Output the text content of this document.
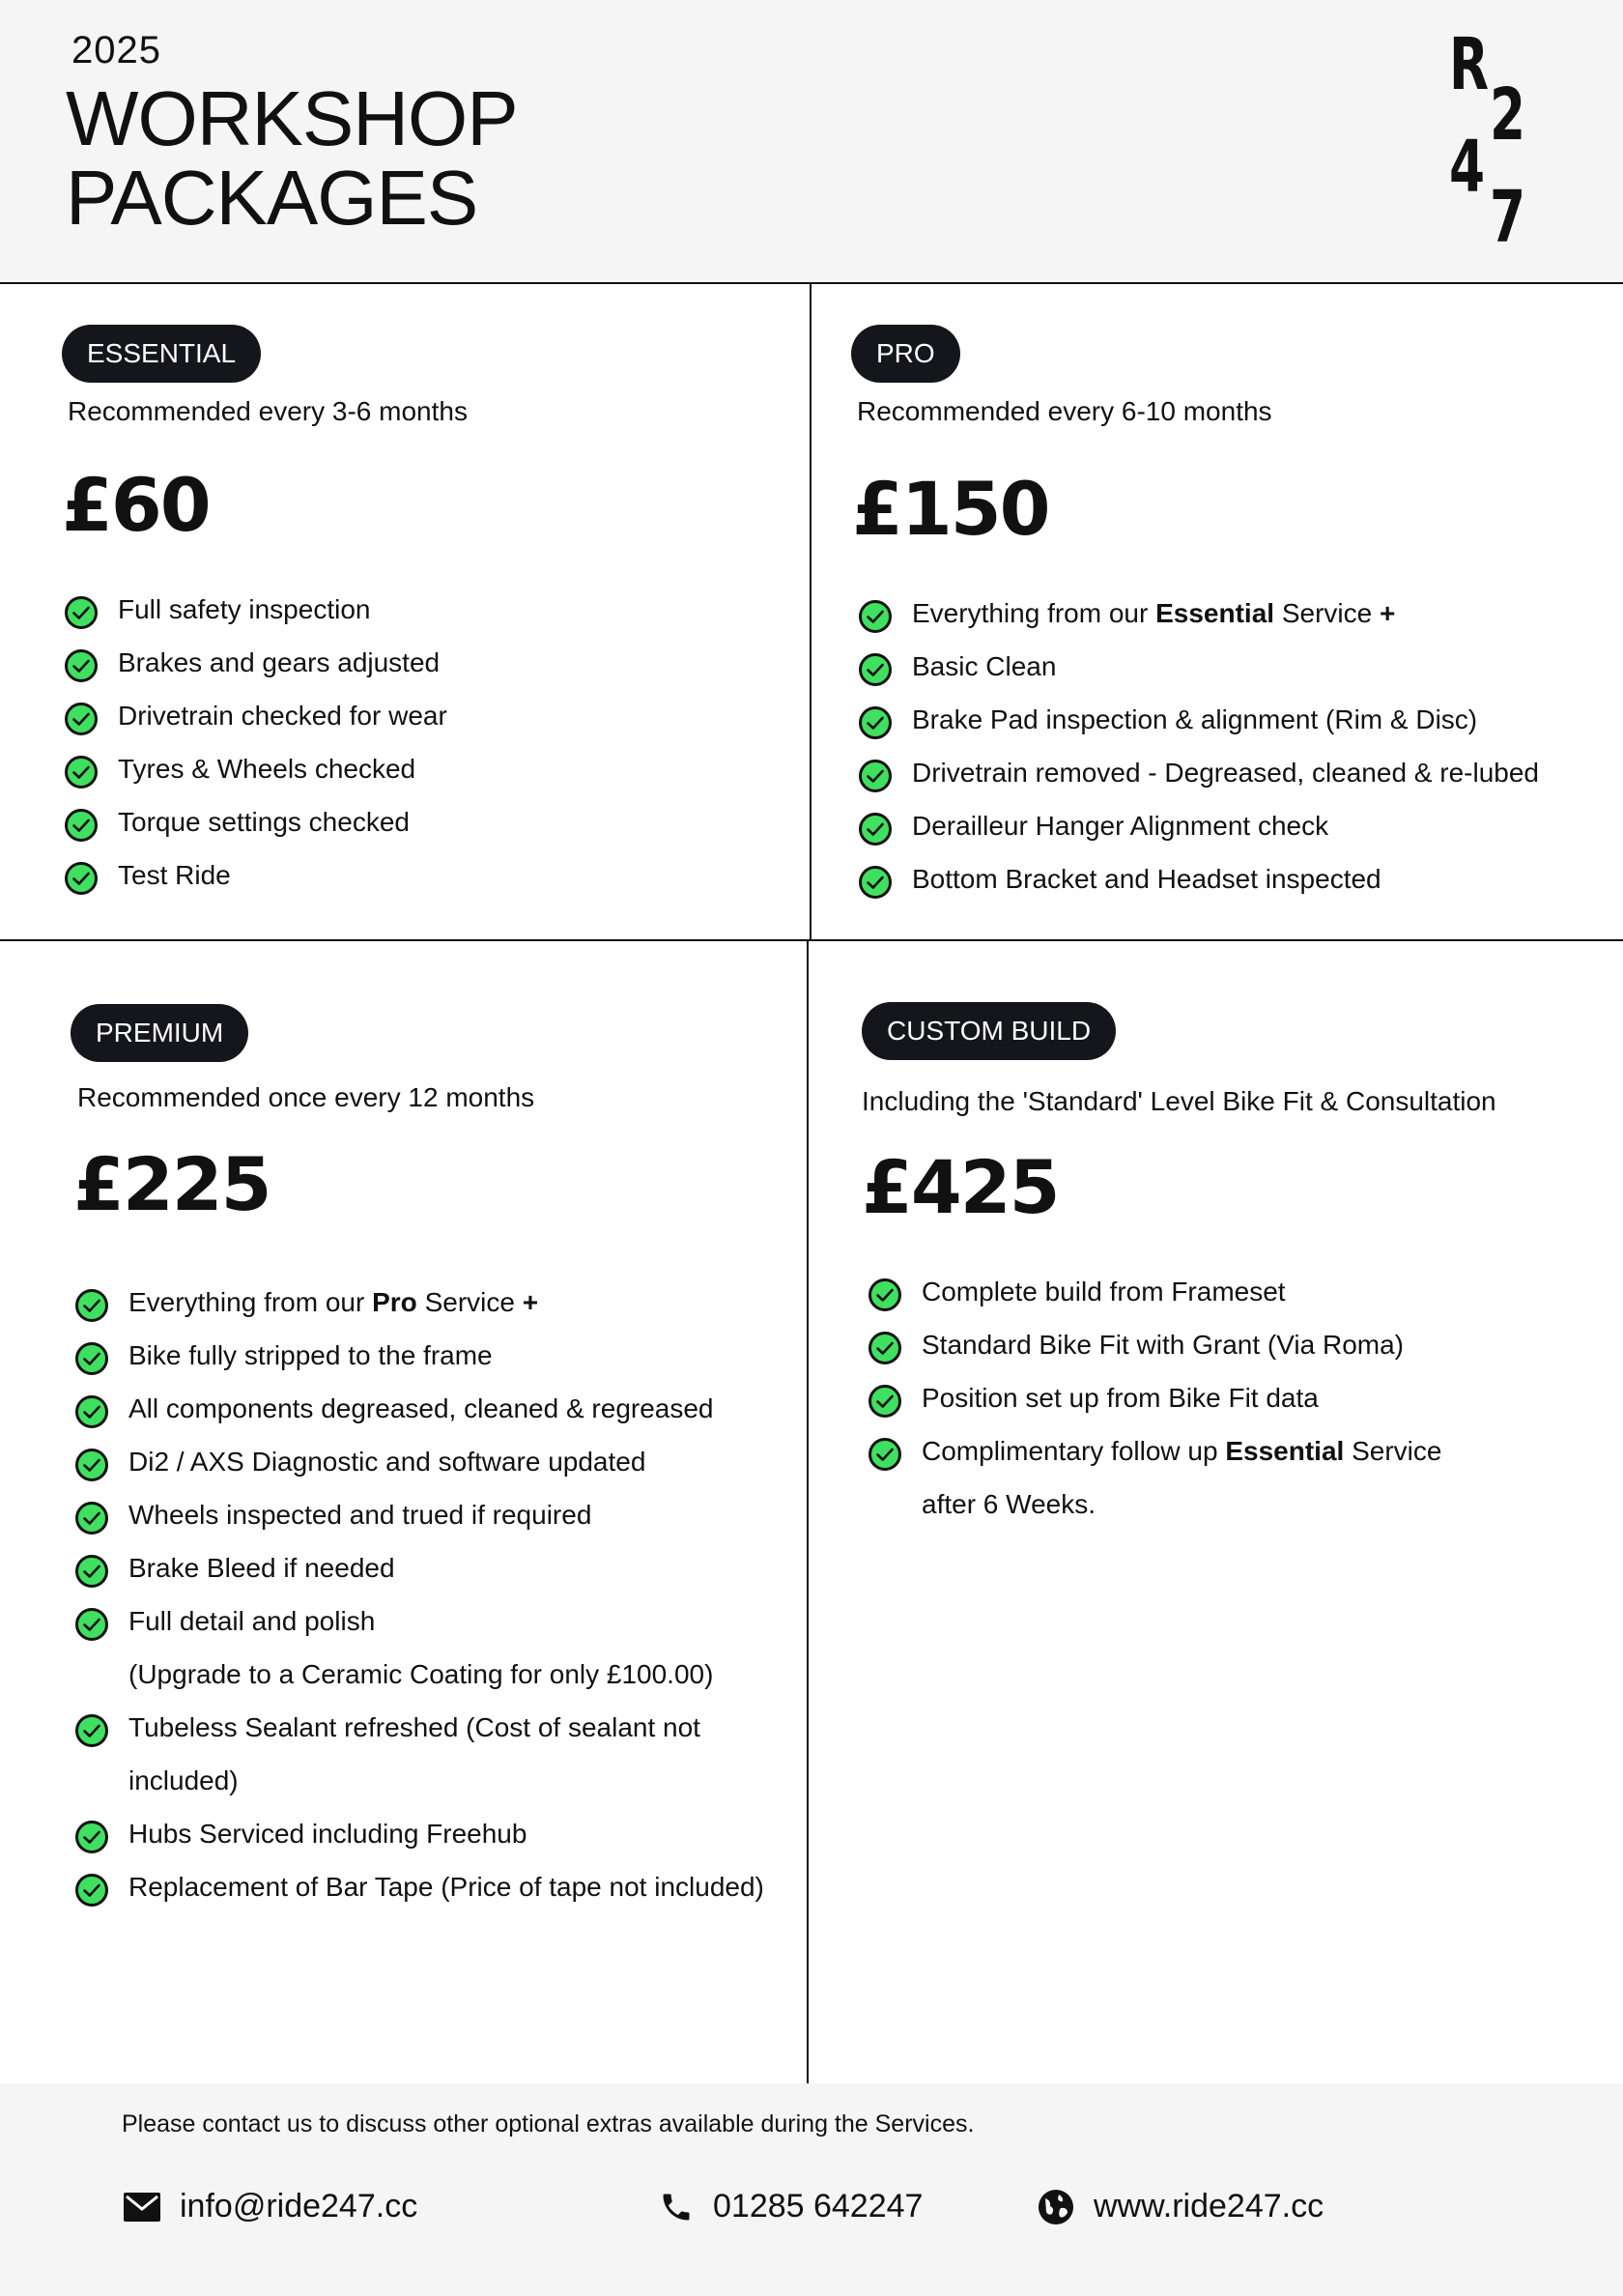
2025
WORKSHOP
PACKAGES
R
2
4
7
ESSENTIAL
Recommended every 3-6 months
£60
Full safety inspection
Brakes and gears adjusted
Drivetrain checked for wear
Tyres & Wheels checked
Torque settings checked
Test Ride
PRO
Recommended every 6-10 months
£150
Everything from our Essential Service +
Basic Clean
Brake Pad inspection & alignment (Rim & Disc)
Drivetrain removed - Degreased, cleaned & re-lubed
Derailleur Hanger Alignment check
Bottom Bracket and Headset inspected
PREMIUM
Recommended once every 12 months
£225
Everything from our Pro Service +
Bike fully stripped to the frame
All components degreased, cleaned & regreased
Di2 / AXS Diagnostic and software updated
Wheels inspected and trued if required
Brake Bleed if needed
Full detail and polish
(Upgrade to a Ceramic Coating for only £100.00)
Tubeless Sealant refreshed (Cost of sealant not
included)
Hubs Serviced including Freehub
Replacement of Bar Tape (Price of tape not included)
CUSTOM BUILD
Including the 'Standard' Level Bike Fit & Consultation
£425
Complete build from Frameset
Standard Bike Fit with Grant (Via Roma)
Position set up from Bike Fit data
Complimentary follow up Essential Service
after 6 Weeks.
Please contact us to discuss other optional extras available during the Services.
info@ride247.cc	01285 642247	www.ride247.cc
